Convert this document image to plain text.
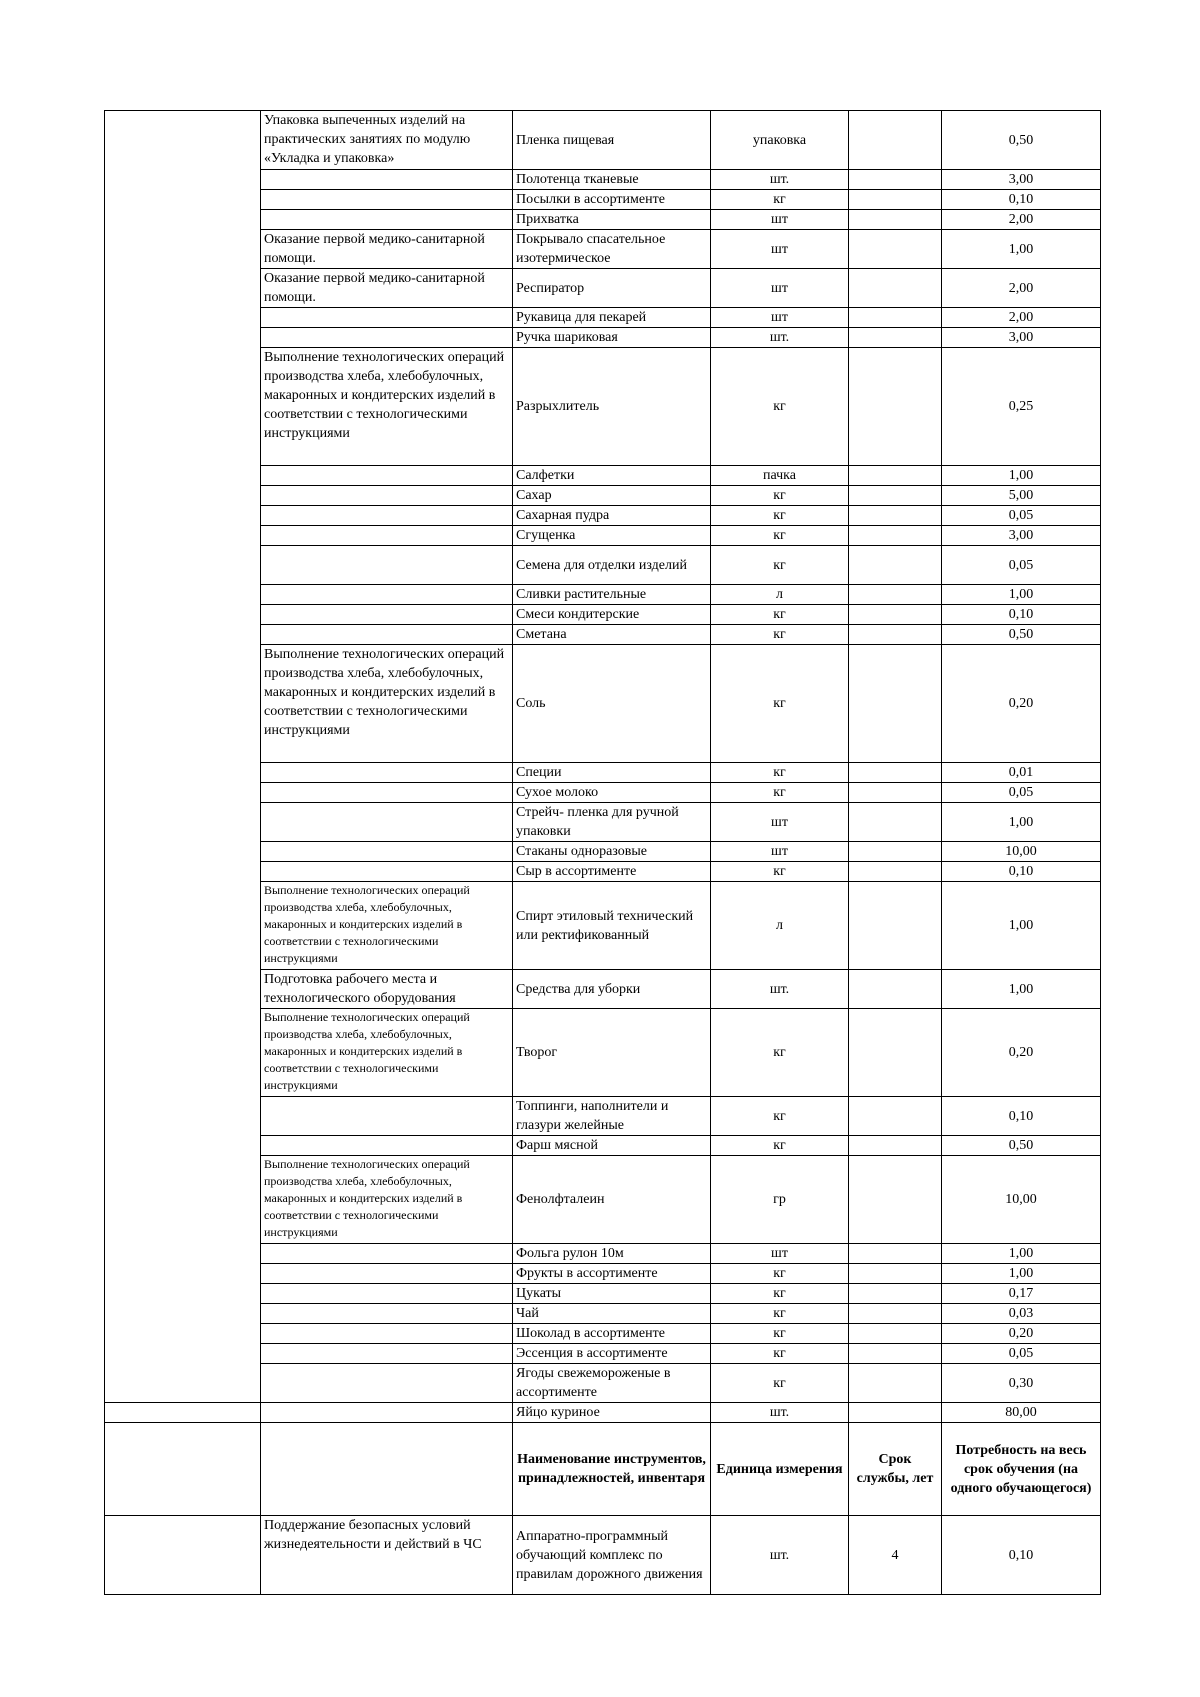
	Упаковка выпеченных изделий на практических занятиях по модулю «Укладка и упаковка»	Пленка пищевая	упаковка		0,50
		Полотенца тканевые	шт.		3,00
		Посылки в ассортименте	кг		0,10
		Прихватка	шт		2,00
	Оказание первой медико-санитарной помощи.	Покрывало спасательное изотермическое	шт		1,00
	Оказание первой медико-санитарной помощи.	Респиратор	шт		2,00
		Рукавица для пекарей	шт		2,00
		Ручка шариковая	шт.		3,00
	Выполнение технологических операций производства хлеба, хлебобулочных, макаронных и кондитерских изделий в соответствии с технологическими инструкциями	Разрыхлитель	кг		0,25
		Салфетки	пачка		1,00
		Сахар	кг		5,00
		Сахарная пудра	кг		0,05
		Сгущенка	кг		3,00
		Семена для отделки изделий	кг		0,05
		Сливки растительные	л		1,00
		Смеси кондитерские	кг		0,10
		Сметана	кг		0,50
	Выполнение технологических операций производства хлеба, хлебобулочных, макаронных и кондитерских изделий в соответствии с технологическими инструкциями	Соль	кг		0,20
		Специи	кг		0,01
		Сухое молоко	кг		0,05
		Стрейч- пленка для ручной упаковки	шт		1,00
		Стаканы одноразовые	шт		10,00
		Сыр в ассортименте	кг		0,10
	Выполнение технологических операций производства хлеба, хлебобулочных, макаронных и кондитерских изделий в соответствии с технологическими инструкциями	Спирт этиловый технический или ректификованный	л		1,00
	Подготовка рабочего места и технологического оборудования	Средства для уборки	шт.		1,00
	Выполнение технологических операций производства хлеба, хлебобулочных, макаронных и кондитерских изделий в соответствии с технологическими инструкциями	Творог	кг		0,20
		Топпинги, наполнители и глазури желейные	кг		0,10
		Фарш мясной	кг		0,50
	Выполнение технологических операций производства хлеба, хлебобулочных, макаронных и кондитерских изделий в соответствии с технологическими инструкциями	Фенолфталеин	гр		10,00
		Фольга рулон 10м	шт		1,00
		Фрукты в ассортименте	кг		1,00
		Цукаты	кг		0,17
		Чай	кг		0,03
		Шоколад в ассортименте	кг		0,20
		Эссенция в ассортименте	кг		0,05
		Ягоды свежемороженые в ассортименте	кг		0,30
		Яйцо куриное	шт.		80,00
		Наименование инструментов, принадлежностей, инвентаря	Единица измерения	Срок службы, лет	Потребность на весь срок обучения (на одного обучающегося)
	Поддержание безопасных условий жизнедеятельности и действий в ЧС	Аппаратно-программный обучающий комплекс по правилам дорожного движения	шт.	4	0,10
